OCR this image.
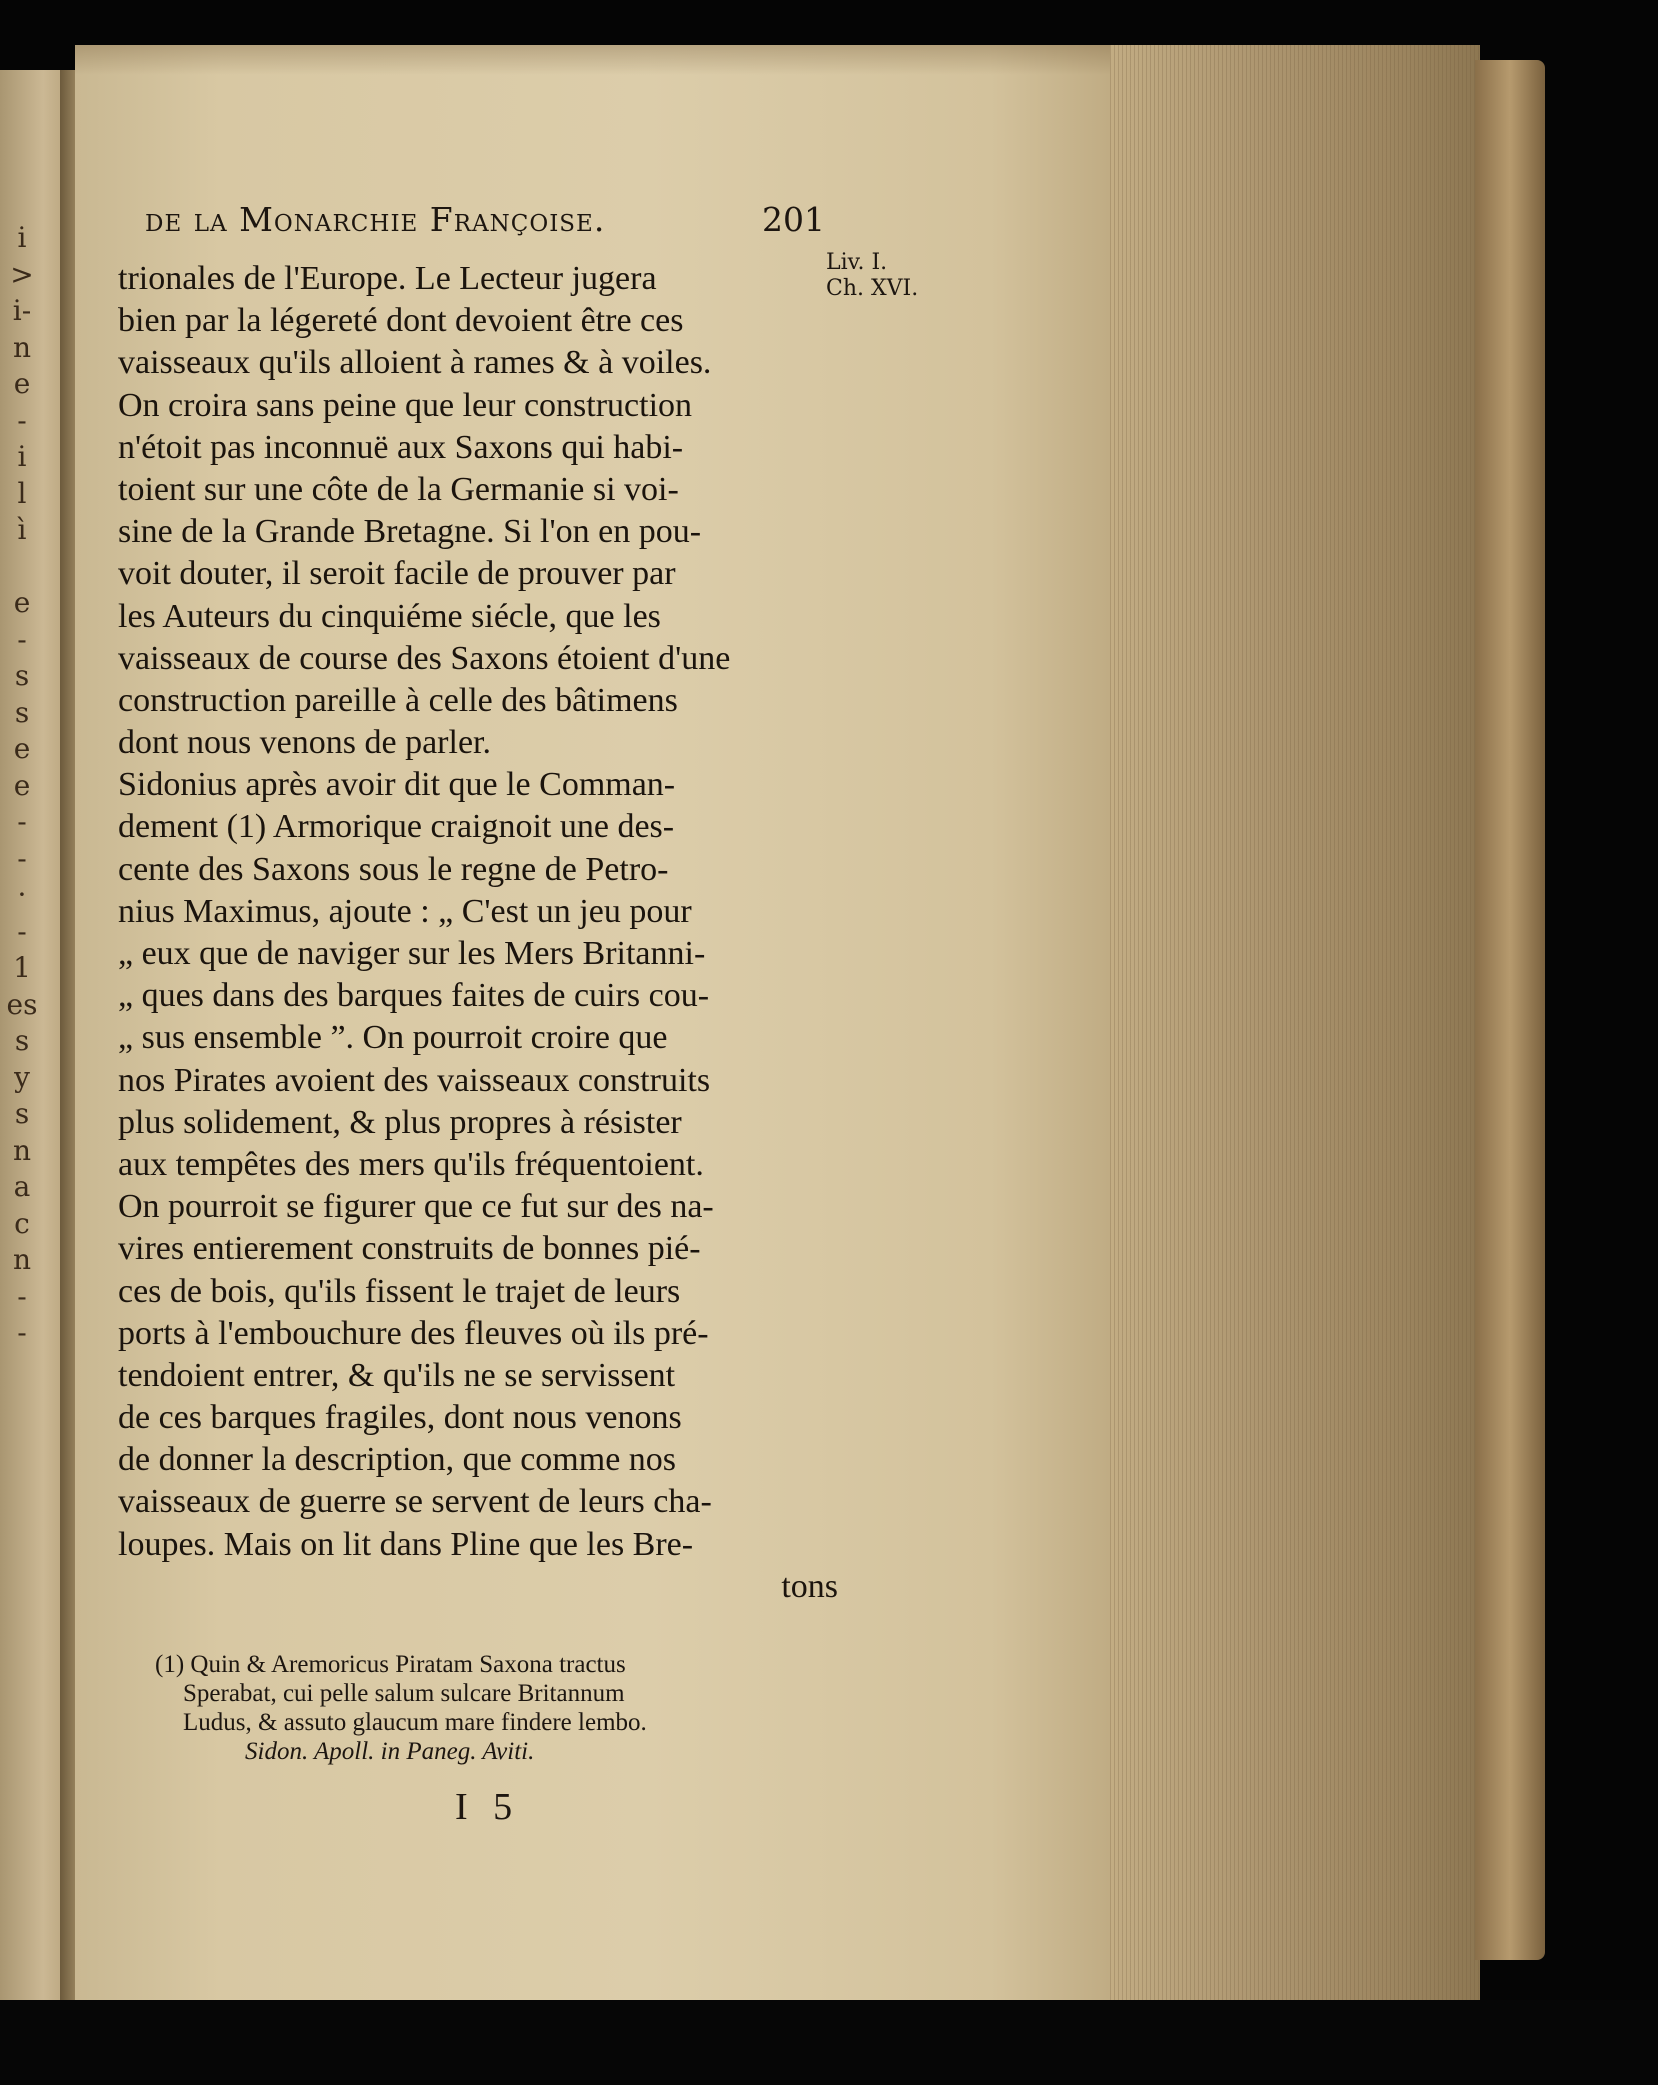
i
>
i-
n
e
-
i
l
ì
e
-
s
s
e
e
-
-
·
-
1
es
s
y
s
n
a
c
n
-
-
de la Monarchie Françoise.	201
Liv. I.
Ch. XVI.
trionales de l'Europe. Le Lecteur jugera
bien par la légereté dont devoient être ces
vaisseaux qu'ils alloient à rames & à voiles.
On croira sans peine que leur construction
n'étoit pas inconnuë aux Saxons qui habi-
toient sur une côte de la Germanie si voi-
sine de la Grande Bretagne. Si l'on en pou-
voit douter, il seroit facile de prouver par
les Auteurs du cinquiéme siécle, que les
vaisseaux de course des Saxons étoient d'une
construction pareille à celle des bâtimens
dont nous venons de parler.
Sidonius après avoir dit que le Comman-
dement (1) Armorique craignoit une des-
cente des Saxons sous le regne de Petro-
nius Maximus, ajoute : „ C'est un jeu pour
„ eux que de naviger sur les Mers Britanni-
„ ques dans des barques faites de cuirs cou-
„ sus ensemble ”. On pourroit croire que
nos Pirates avoient des vaisseaux construits
plus solidement, & plus propres à résister
aux tempêtes des mers qu'ils fréquentoient.
On pourroit se figurer que ce fut sur des na-
vires entierement construits de bonnes pié-
ces de bois, qu'ils fissent le trajet de leurs
ports à l'embouchure des fleuves où ils pré-
tendoient entrer, & qu'ils ne se servissent
de ces barques fragiles, dont nous venons
de donner la description, que comme nos
vaisseaux de guerre se servent de leurs cha-
loupes. Mais on lit dans Pline que les Bre-
tons
(1) Quin & Aremoricus Piratam Saxona tractus
Sperabat, cui pelle salum sulcare Britannum
Ludus, & assuto glaucum mare findere lembo.
Sidon. Apoll. in Paneg. Aviti.
I 5
